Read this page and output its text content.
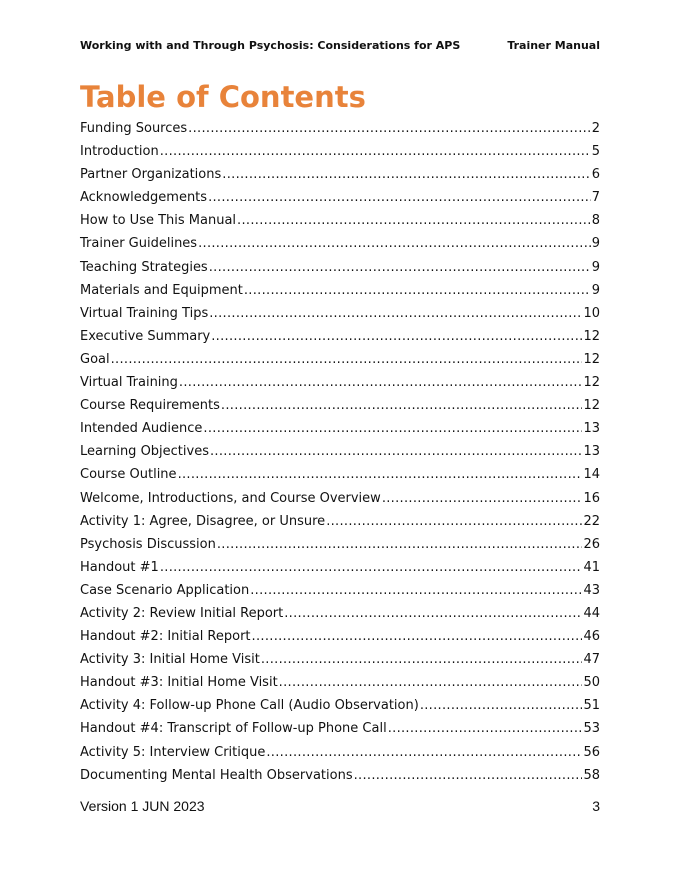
Working with and Through Psychosis: Considerations for APS	Trainer Manual
Table of Contents
Funding Sources .....	2
Introduction .....	5
Partner Organizations .....	6
Acknowledgements .....	7
How to Use This Manual .....	8
Trainer Guidelines .....	9
Teaching Strategies .....	9
Materials and Equipment .....	9
Virtual Training Tips .....	10
Executive Summary .....	12
Goal .....	12
Virtual Training .....	12
Course Requirements .....	12
Intended Audience .....	13
Learning Objectives .....	13
Course Outline .....	14
Welcome, Introductions, and Course Overview .....	16
Activity 1: Agree, Disagree, or Unsure .....	22
Psychosis Discussion .....	26
Handout #1 .....	41
Case Scenario Application .....	43
Activity 2: Review Initial Report .....	44
Handout #2: Initial Report .....	46
Activity 3: Initial Home Visit .....	47
Handout #3: Initial Home Visit .....	50
Activity 4: Follow-up Phone Call (Audio Observation) .....	51
Handout #4: Transcript of Follow-up Phone Call .....	53
Activity 5: Interview Critique .....	56
Documenting Mental Health Observations .....	58
Version 1 JUN 2023	3
